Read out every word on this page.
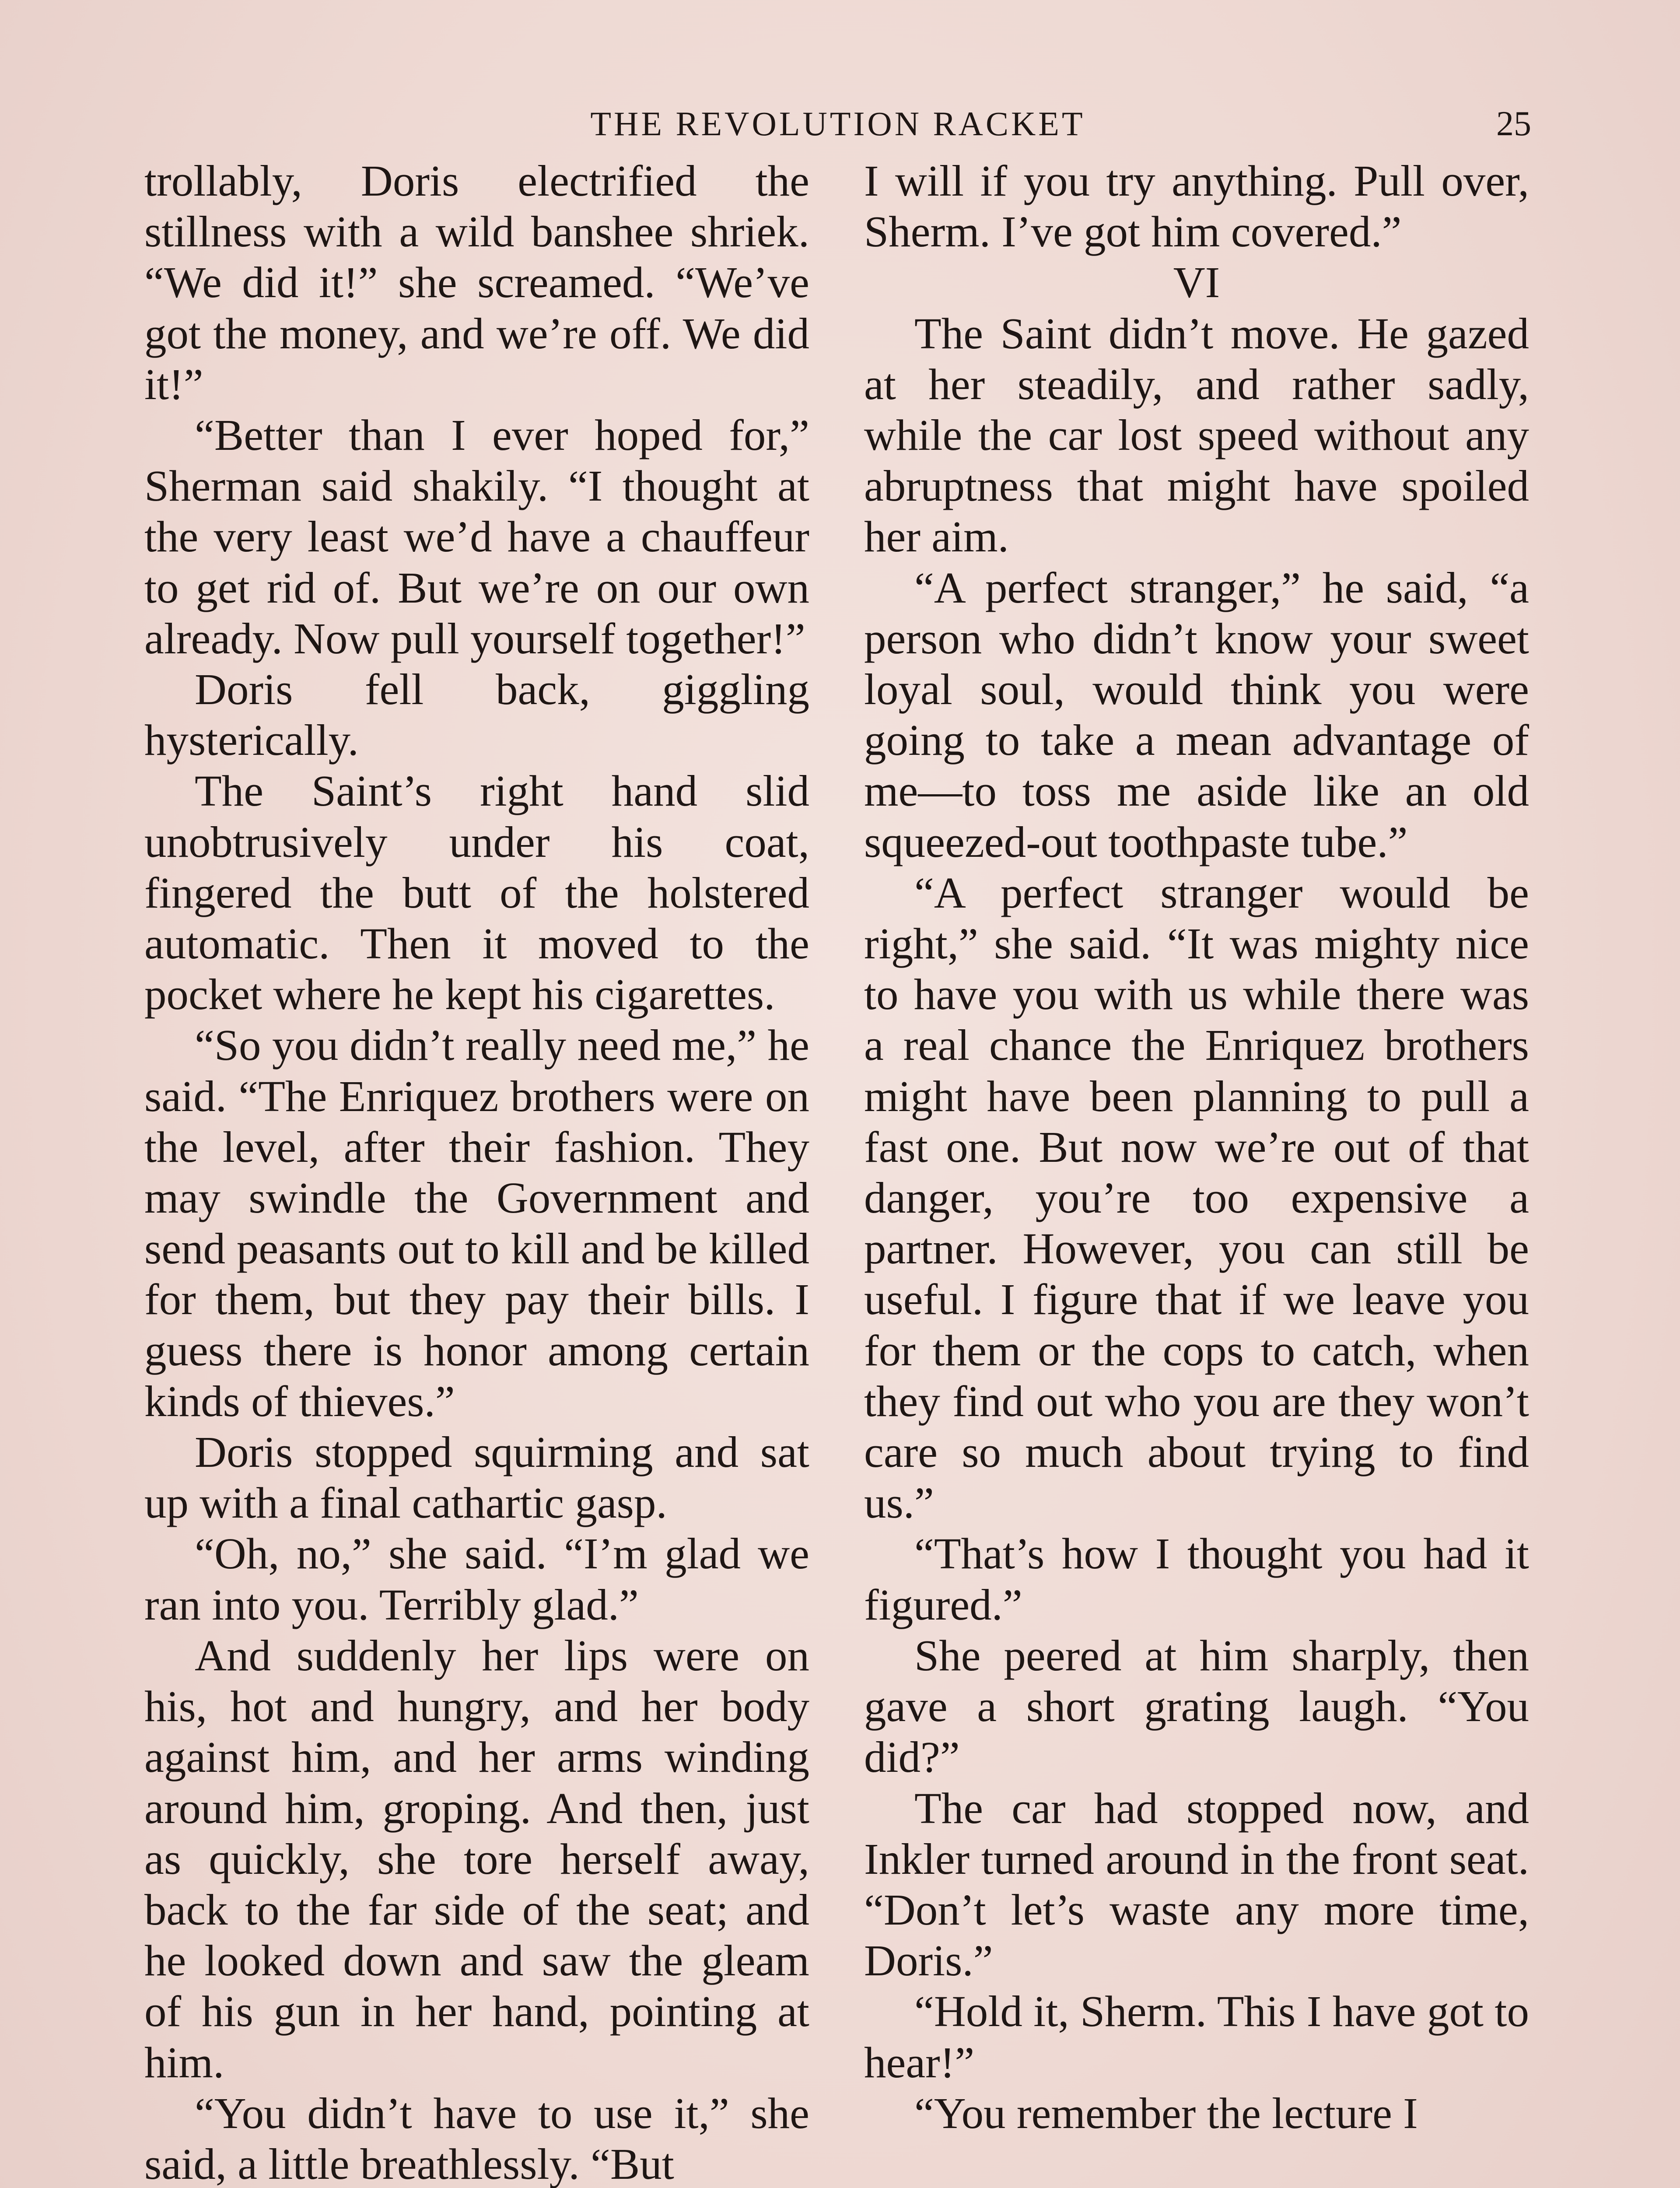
THE REVOLUTION RACKET	25

trollably, Doris electrified the stillness with a wild banshee shriek. “We did it!” she screamed. “We’ve got the money, and we’re off. We did it!”

“Better than I ever hoped for,” Sherman said shakily. “I thought at the very least we’d have a chauffeur to get rid of. But we’re on our own already. Now pull yourself together!”

Doris fell back, giggling hysterically.

The Saint’s right hand slid unobtrusively under his coat, fingered the butt of the holstered automatic. Then it moved to the pocket where he kept his cigarettes.

“So you didn’t really need me,” he said. “The Enriquez brothers were on the level, after their fashion. They may swindle the Government and send peasants out to kill and be killed for them, but they pay their bills. I guess there is honor among certain kinds of thieves.”

Doris stopped squirming and sat up with a final cathartic gasp.

“Oh, no,” she said. “I’m glad we ran into you. Terribly glad.”

And suddenly her lips were on his, hot and hungry, and her body against him, and her arms winding around him, groping. And then, just as quickly, she tore herself away, back to the far side of the seat; and he looked down and saw the gleam of his gun in her hand, pointing at him.

“You didn’t have to use it,” she said, a little breathlessly. “But

I will if you try anything. Pull over, Sherm. I’ve got him covered.”

VI

The Saint didn’t move. He gazed at her steadily, and rather sadly, while the car lost speed without any abruptness that might have spoiled her aim.

“A perfect stranger,” he said, “a person who didn’t know your sweet loyal soul, would think you were going to take a mean advantage of me—to toss me aside like an old squeezed-out toothpaste tube.”

“A perfect stranger would be right,” she said. “It was mighty nice to have you with us while there was a real chance the Enriquez brothers might have been planning to pull a fast one. But now we’re out of that danger, you’re too expensive a partner. However, you can still be useful. I figure that if we leave you for them or the cops to catch, when they find out who you are they won’t care so much about trying to find us.”

“That’s how I thought you had it figured.”

She peered at him sharply, then gave a short grating laugh. “You did?”

The car had stopped now, and Inkler turned around in the front seat. “Don’t let’s waste any more time, Doris.”

“Hold it, Sherm. This I have got to hear!”

“You remember the lecture I
